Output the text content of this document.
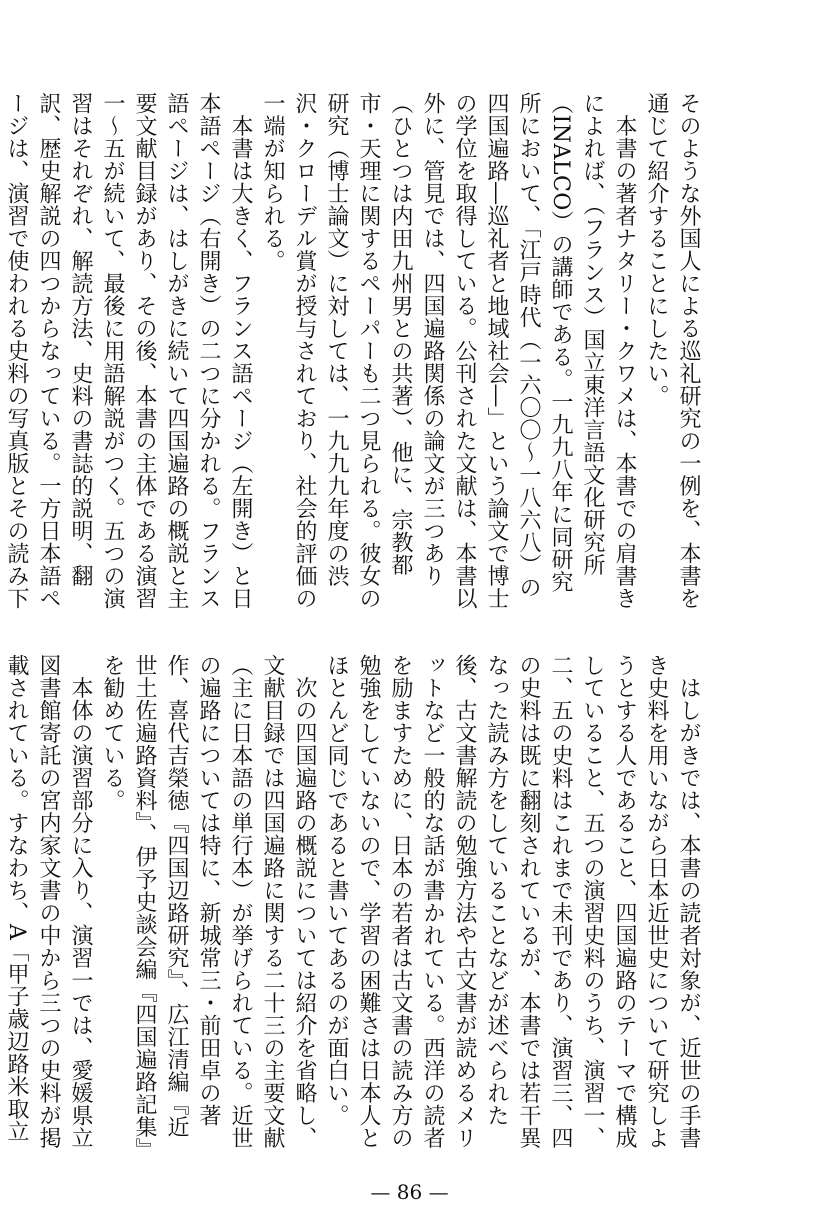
そのような外国人による巡礼研究の一例を、本書を通じて紹介することにしたい。

本書の著者ナタリー・クワメは、本書での肩書きによれば、（フランス）国立東洋言語文化研究所（INALCO）の講師である。一九九八年に同研究所において、「江戸時代（一六〇〇〜一八六八）の四国遍路―巡礼者と地域社会―」という論文で博士の学位を取得している。公刊された文献は、本書以外に、管見では、四国遍路関係の論文が三つあり（ひとつは内田九州男との共著）、他に、宗教都市・天理に関するペーパーも二つ見られる。彼女の研究（博士論文）に対しては、一九九九年度の渋沢・クローデル賞が授与されており、社会的評価の一端が知られる。

本書は大きく、フランス語ページ（左開き）と日本語ページ（右開き）の二つに分かれる。フランス語ページは、はしがきに続いて四国遍路の概説と主要文献目録があり、その後、本書の主体である演習一〜五が続いて、最後に用語解説がつく。五つの演習はそれぞれ、解読方法、史料の書誌的説明、翻訳、歴史解説の四つからなっている。一方日本語ページは、演習で使われる史料の写真版とその読み下

はしがきでは、本書の読者対象が、近世の手書き史料を用いながら日本近世史について研究しようとする人であること、四国遍路のテーマで構成していること、五つの演習史料のうち、演習一、二、五の史料はこれまで未刊であり、演習三、四の史料は既に翻刻されているが、本書では若干異なった読み方をしていることなどが述べられた後、古文書解読の勉強方法や古文書が読めるメリットなど一般的な話が書かれている。西洋の読者を励ますために、日本の若者は古文書の読み方の勉強をしていないので、学習の困難さは日本人とほとんど同じであると書いてあるのが面白い。

次の四国遍路の概説については紹介を省略し、文献目録では四国遍路に関する二十三の主要文献（主に日本語の単行本）が挙げられている。近世の遍路については特に、新城常三・前田卓の著作、喜代吉榮徳『四国辺路研究』、広江清編『近世土佐遍路資料』、伊予史談会編『四国遍路記集』を勧めている。

本体の演習部分に入り、演習一では、愛媛県立図書館寄託の宮内家文書の中から三つの史料が掲載されている。すなわち、A「甲子歳辺路米取立

— 86 —
